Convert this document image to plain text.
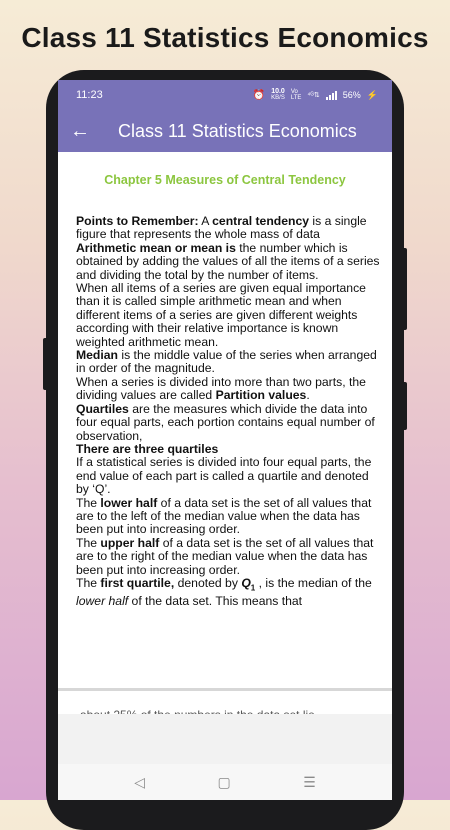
Class 11 Statistics Economics
11:23	⏰ 10.0
KB/S
Vo
LTE ⁴ᴳ⇅	56% ⚡
←	Class 11 Statistics Economics
Chapter 5 Measures of Central Tendency

Points to Remember: A central tendency is a single figure that represents the whole mass of data

Arithmetic mean or mean is the number which is obtained by adding the values of all the items of a series and dividing the total by the number of items.

When all items of a series are given equal importance than it is called simple arithmetic mean and when different items of a series are given different weights according with their relative importance is known weighted arithmetic mean.

Median is the middle value of the series when arranged in order of the magnitude.

When a series is divided into more than two parts, the dividing values are called Partition values.

Quartiles are the measures which divide the data into four equal parts, each portion contains equal number of observation,

There are three quartiles

If a statistical series is divided into four equal parts, the end value of each part is called a quartile and denoted by ‘Q’.

The lower half of a data set is the set of all values that are to the left of the median value when the data has been put into increasing order.

The upper half of a data set is the set of all values that are to the right of the median value when the data has been put into increasing order.

The first quartile, denoted by $Q_1$ , is the median of the lower half of the data set. This means that

◁	▢	☰
